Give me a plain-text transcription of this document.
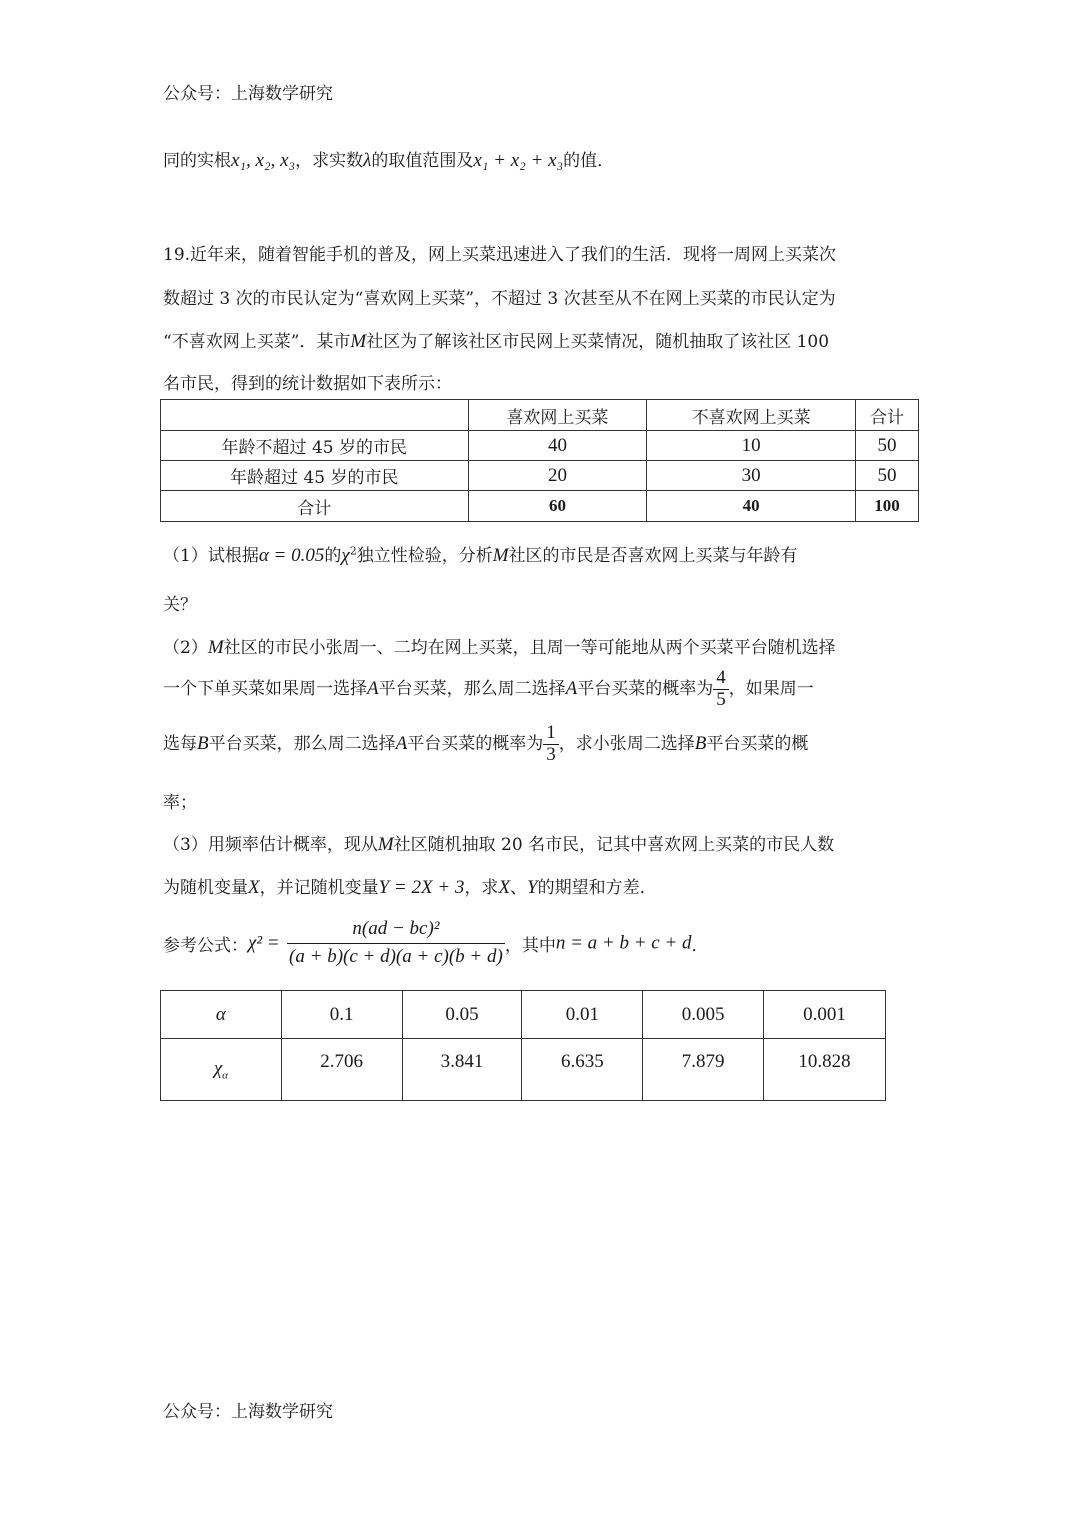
公众号：上海数学研究
同的实根x₁, x₂, x₃，求实数λ的取值范围及x₁ + x₂ + x₃的值．
19.近年来，随着智能手机的普及，网上买菜迅速进入了我们的生活．现将一周网上买菜次
数超过 3 次的市民认定为“喜欢网上买菜”，不超过 3 次甚至从不在网上买菜的市民认定为
“不喜欢网上买菜”．某市M社区为了解该社区市民网上买菜情况，随机抽取了该社区 100
名市民，得到的统计数据如下表所示：
	喜欢网上买菜	不喜欢网上买菜	合计
年龄不超过 45 岁的市民	40	10	50
年龄超过 45 岁的市民	20	30	50
合计	60	40	100
（1）试根据α = 0.05的$\chi^2$独立性检验，分析M社区的市民是否喜欢网上买菜与年龄有
关？
（2）M社区的市民小张周一、二均在网上买菜，且周一等可能地从两个买菜平台随机选择
一个下单买菜如果周一选择A平台买菜，那么周二选择A平台买菜的概率为 $\frac{4}{5}$ ，如果周一
选每B平台买菜，那么周二选择A平台买菜的概率为 $\frac{1}{3}$ ，求小张周二选择B平台买菜的概
率；
（3）用频率估计概率，现从M社区随机抽取 20 名市民，记其中喜欢网上买菜的市民人数
为随机变量X，并记随机变量Y = 2X + 3，求X、Y的期望和方差．
参考公式：$\chi^2 = \frac{\text{n(ad − bc)²}}{(a + b)(c + d)(a + c)(b + d)}$ ，其中n = a + b + c + d．
α	0.1	0.05	0.01	0.005	0.001
$\chi_\alpha$	2.706	3.841	6.635	7.879	10.828
公众号：上海数学研究
